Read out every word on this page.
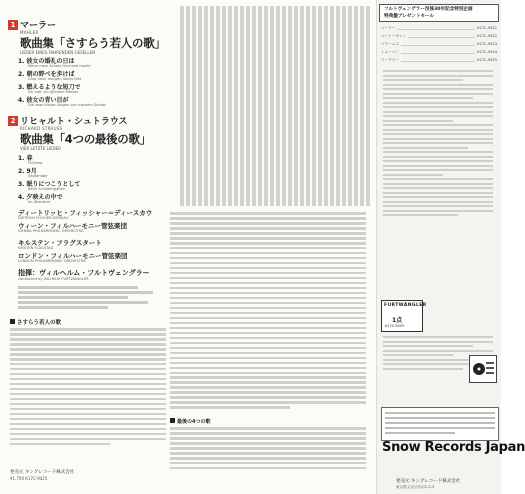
1 マーラー
MAHLER
歌曲集「さすらう若人の歌」
LIEDER EINES FAHRENDEN GESELLEN
1. 彼女の婚礼の日は
Wenn mein Schatz Hochzeit macht
2. 朝の野べを歩けば
Ging heut' morgen übers Feld
3. 燃えるような短刀で
Ich hab' ein glühend Messer
4. 彼女の青い目が
Die zwei blauen Augen von meinem Schatz
2 リヒャルト・シュトラウス
RICHARD STRAUSS
歌曲集「4つの最後の歌」
VIER LETZTE LIEDER
1. 春
Frühling
2. 9月
September
3. 眠りにつこうとして
Beim Schlafengehen
4. 夕映えの中で
Im Abendrot
ディートリッヒ・フィッシャー＝ディースカウ
DIETRICH FISCHER-DIESKAU
ウィーン・フィルハーモニー管弦楽団
VIENNA PHILHARMONIC ORCHESTRA
キルステン・フラグスタート
KIRSTEN FLAGSTAD
ロンドン・フィルハーモニー管弦楽団
LONDON PHILHARMONIC ORCHESTRA
指揮：ヴィルヘルム・フルトヴェングラー
conducted by WILHELM FURTWÄNGLER
さすらう若人の歌
発売元 キングレコード株式会社
¥1,700 K17C-9425
最後の4つの歌
フルトヴェングラー没後30年記念特別企画
特典盤プレゼントセール
マーラー	K17C-9421
ベートーヴェン	K17C-9422
ブラームス	K17C-9423
シューマン	K17C-9424
ワーグナー	K17C-9425
FURTWÄNGLER
1点
K17C 9425
Snow Records Japan
発売元 キングレコード株式会社
東京都文京区音羽1-2-3
